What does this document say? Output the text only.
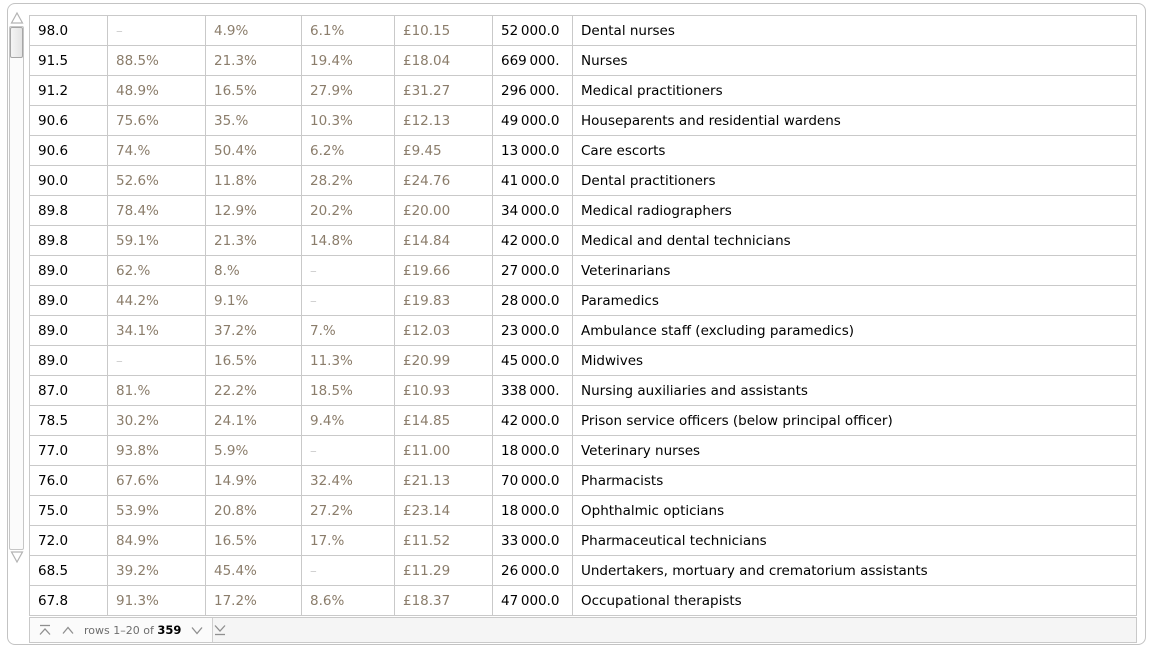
98.0	–	4.9%	6.1%	£10.15	52 000.0	Dental nurses
91.5	88.5%	21.3%	19.4%	£18.04	669 000.	Nurses
91.2	48.9%	16.5%	27.9%	£31.27	296 000.	Medical practitioners
90.6	75.6%	35.%	10.3%	£12.13	49 000.0	Houseparents and residential wardens
90.6	74.%	50.4%	6.2%	£9.45	13 000.0	Care escorts
90.0	52.6%	11.8%	28.2%	£24.76	41 000.0	Dental practitioners
89.8	78.4%	12.9%	20.2%	£20.00	34 000.0	Medical radiographers
89.8	59.1%	21.3%	14.8%	£14.84	42 000.0	Medical and dental technicians
89.0	62.%	8.%	–	£19.66	27 000.0	Veterinarians
89.0	44.2%	9.1%	–	£19.83	28 000.0	Paramedics
89.0	34.1%	37.2%	7.%	£12.03	23 000.0	Ambulance staff (excluding paramedics)
89.0	–	16.5%	11.3%	£20.99	45 000.0	Midwives
87.0	81.%	22.2%	18.5%	£10.93	338 000.	Nursing auxiliaries and assistants
78.5	30.2%	24.1%	9.4%	£14.85	42 000.0	Prison service officers (below principal officer)
77.0	93.8%	5.9%	–	£11.00	18 000.0	Veterinary nurses
76.0	67.6%	14.9%	32.4%	£21.13	70 000.0	Pharmacists
75.0	53.9%	20.8%	27.2%	£23.14	18 000.0	Ophthalmic opticians
72.0	84.9%	16.5%	17.%	£11.52	33 000.0	Pharmaceutical technicians
68.5	39.2%	45.4%	–	£11.29	26 000.0	Undertakers, mortuary and crematorium assistants
67.8	91.3%	17.2%	8.6%	£18.37	47 000.0	Occupational therapists
rows 1–20 of 359
